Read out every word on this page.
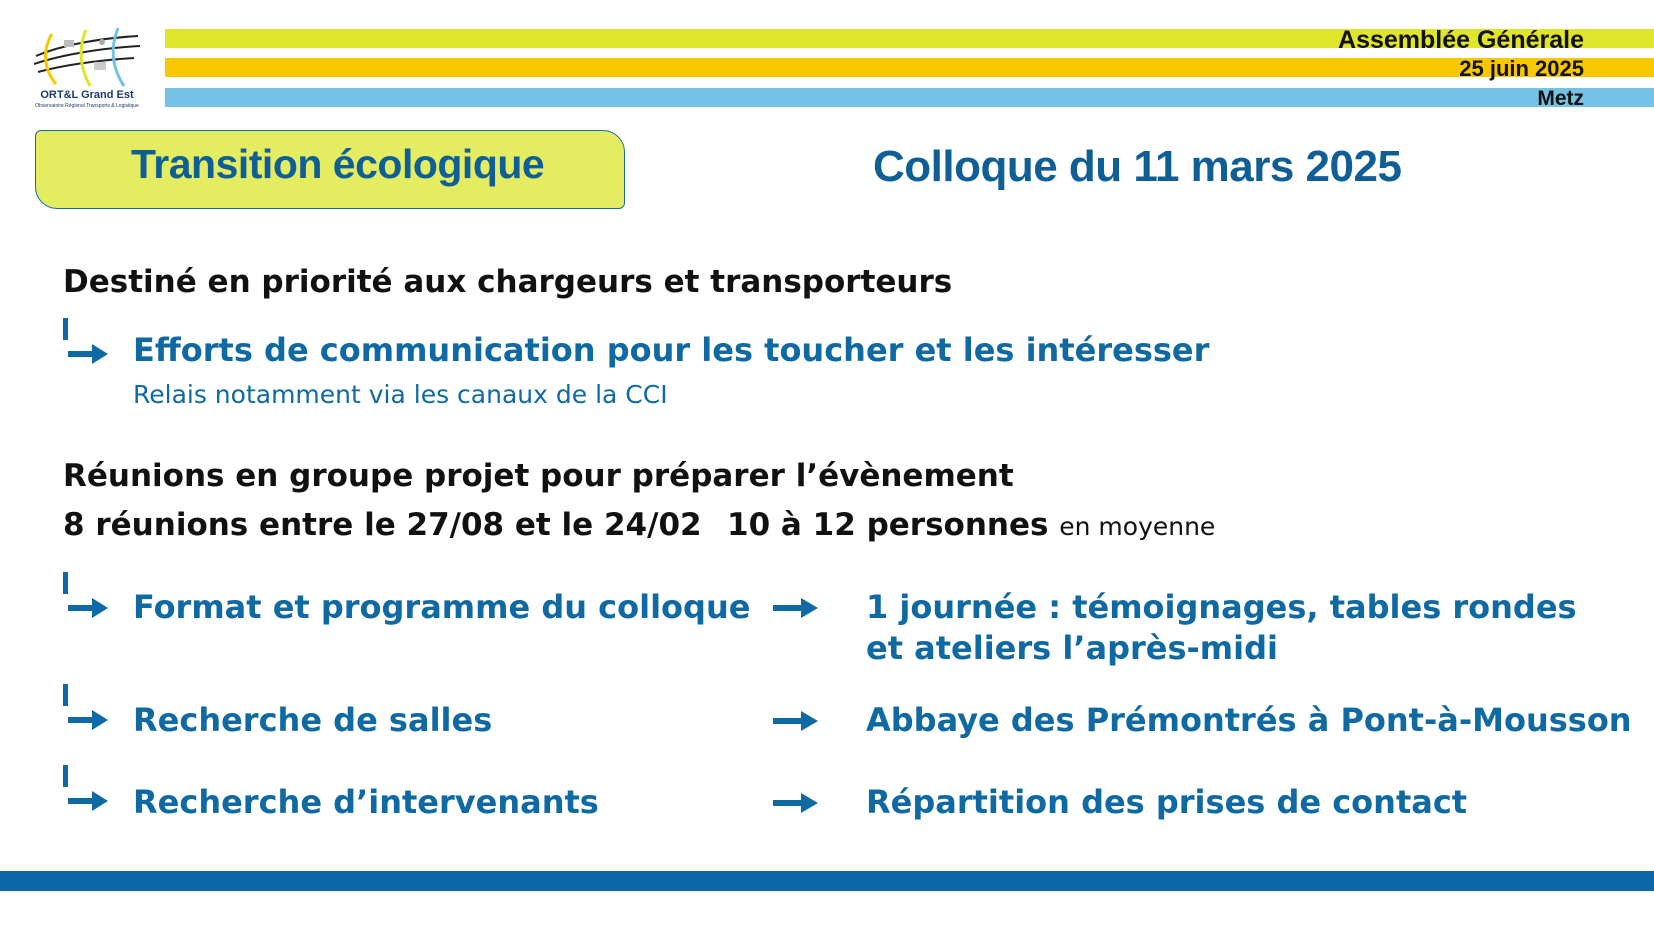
ORT&L Grand Est
Observatoire Régional Transports & Logistique
Assemblée Générale
25 juin 2025
Metz
Transition écologique	Colloque du 11 mars 2025
Destiné en priorité aux chargeurs et transporteurs
Efforts de communication pour les toucher et les intéresser
Relais notamment via les canaux de la CCI
Réunions en groupe projet pour préparer l’évènement
8 réunions entre le 27/08 et le 24/02 10 à 12 personnes en moyenne
Format et programme du colloque	1 journée : témoignages, tables rondes
et ateliers l’après-midi
Recherche de salles	Abbaye des Prémontrés à Pont-à-Mousson
Recherche d’intervenants	Répartition des prises de contact
